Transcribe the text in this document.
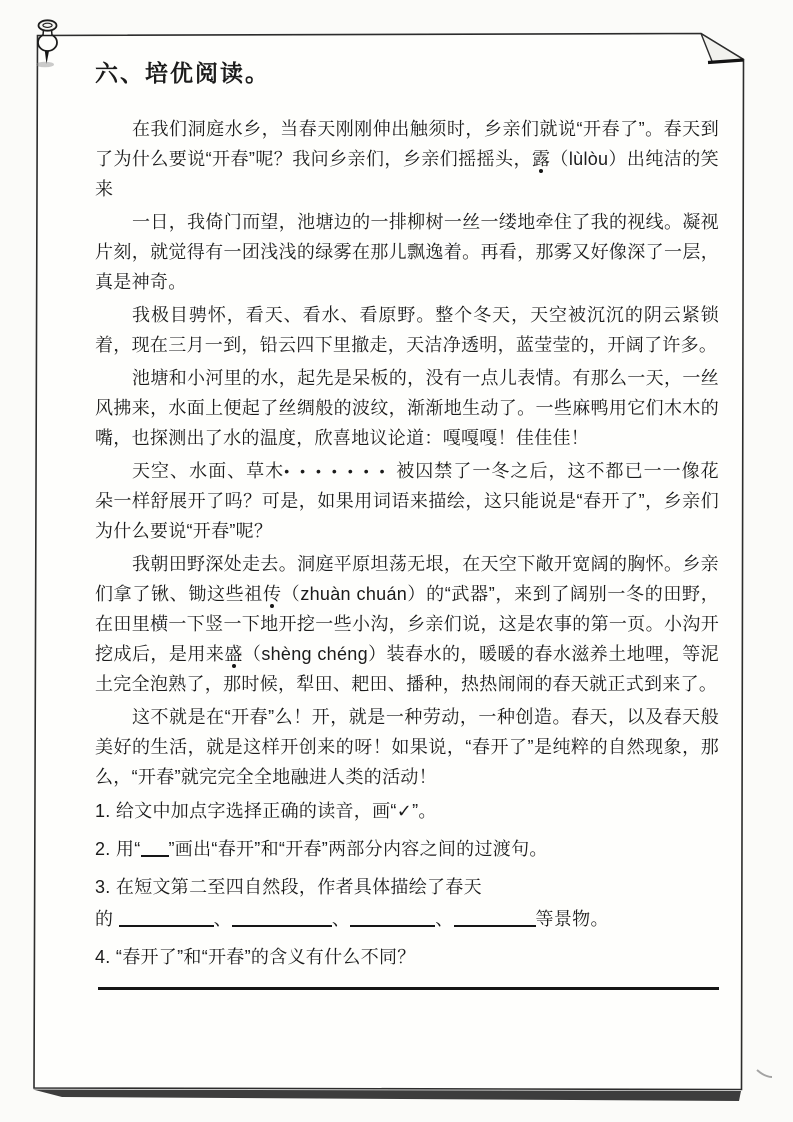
六、培优阅读。
在我们洞庭水乡，当春天刚刚伸出触须时，乡亲们就说“开春了”。春天到了为什么要说“开春”呢？我问乡亲们，乡亲们摇摇头，露（lùlòu）出纯洁的笑来
一日，我倚门而望，池塘边的一排柳树一丝一缕地牵住了我的视线。凝视片刻，就觉得有一团浅浅的绿雾在那儿飘逸着。再看，那雾又好像深了一层，真是神奇。
我极目骋怀，看天、看水、看原野。整个冬天，天空被沉沉的阴云紧锁着，现在三月一到，铅云四下里撤走，天洁净透明，蓝莹莹的，开阔了许多。
池塘和小河里的水，起先是呆板的，没有一点儿表情。有那么一天，一丝风拂来，水面上便起了丝绸般的波纹，渐渐地生动了。一些麻鸭用它们木木的嘴，也探测出了水的温度，欣喜地议论道：嘎嘎嘎！佳佳佳！
天空、水面、草木•••••••被囚禁了一冬之后，这不都已一一像花朵一样舒展开了吗？可是，如果用词语来描绘，这只能说是“春开了”，乡亲们为什么要说“开春”呢？
我朝田野深处走去。洞庭平原坦荡无垠，在天空下敞开宽阔的胸怀。乡亲们拿了锹、锄这些祖传（zhuàn chuán）的“武器”，来到了阔别一冬的田野，在田里横一下竖一下地开挖一些小沟，乡亲们说，这是农事的第一页。小沟开挖成后，是用来盛（shèng chéng）装春水的，暖暖的春水滋养土地哩，等泥土完全泡熟了，那时候，犁田、耙田、播种，热热闹闹的春天就正式到来了。
这不就是在“开春”么！开，就是一种劳动，一种创造。春天，以及春天般美好的生活，就是这样开创来的呀！如果说，“春开了”是纯粹的自然现象，那么，“开春”就完完全全地融进人类的活动！
1. 给文中加点字选择正确的读音，画“✓”。
2. 用“ ”画出“春开”和“开春”两部分内容之间的过渡句。
3. 在短文第二至四自然段，作者具体描绘了春天
的	、	、	、	等景物。
4. “春开了”和“开春”的含义有什么不同？
